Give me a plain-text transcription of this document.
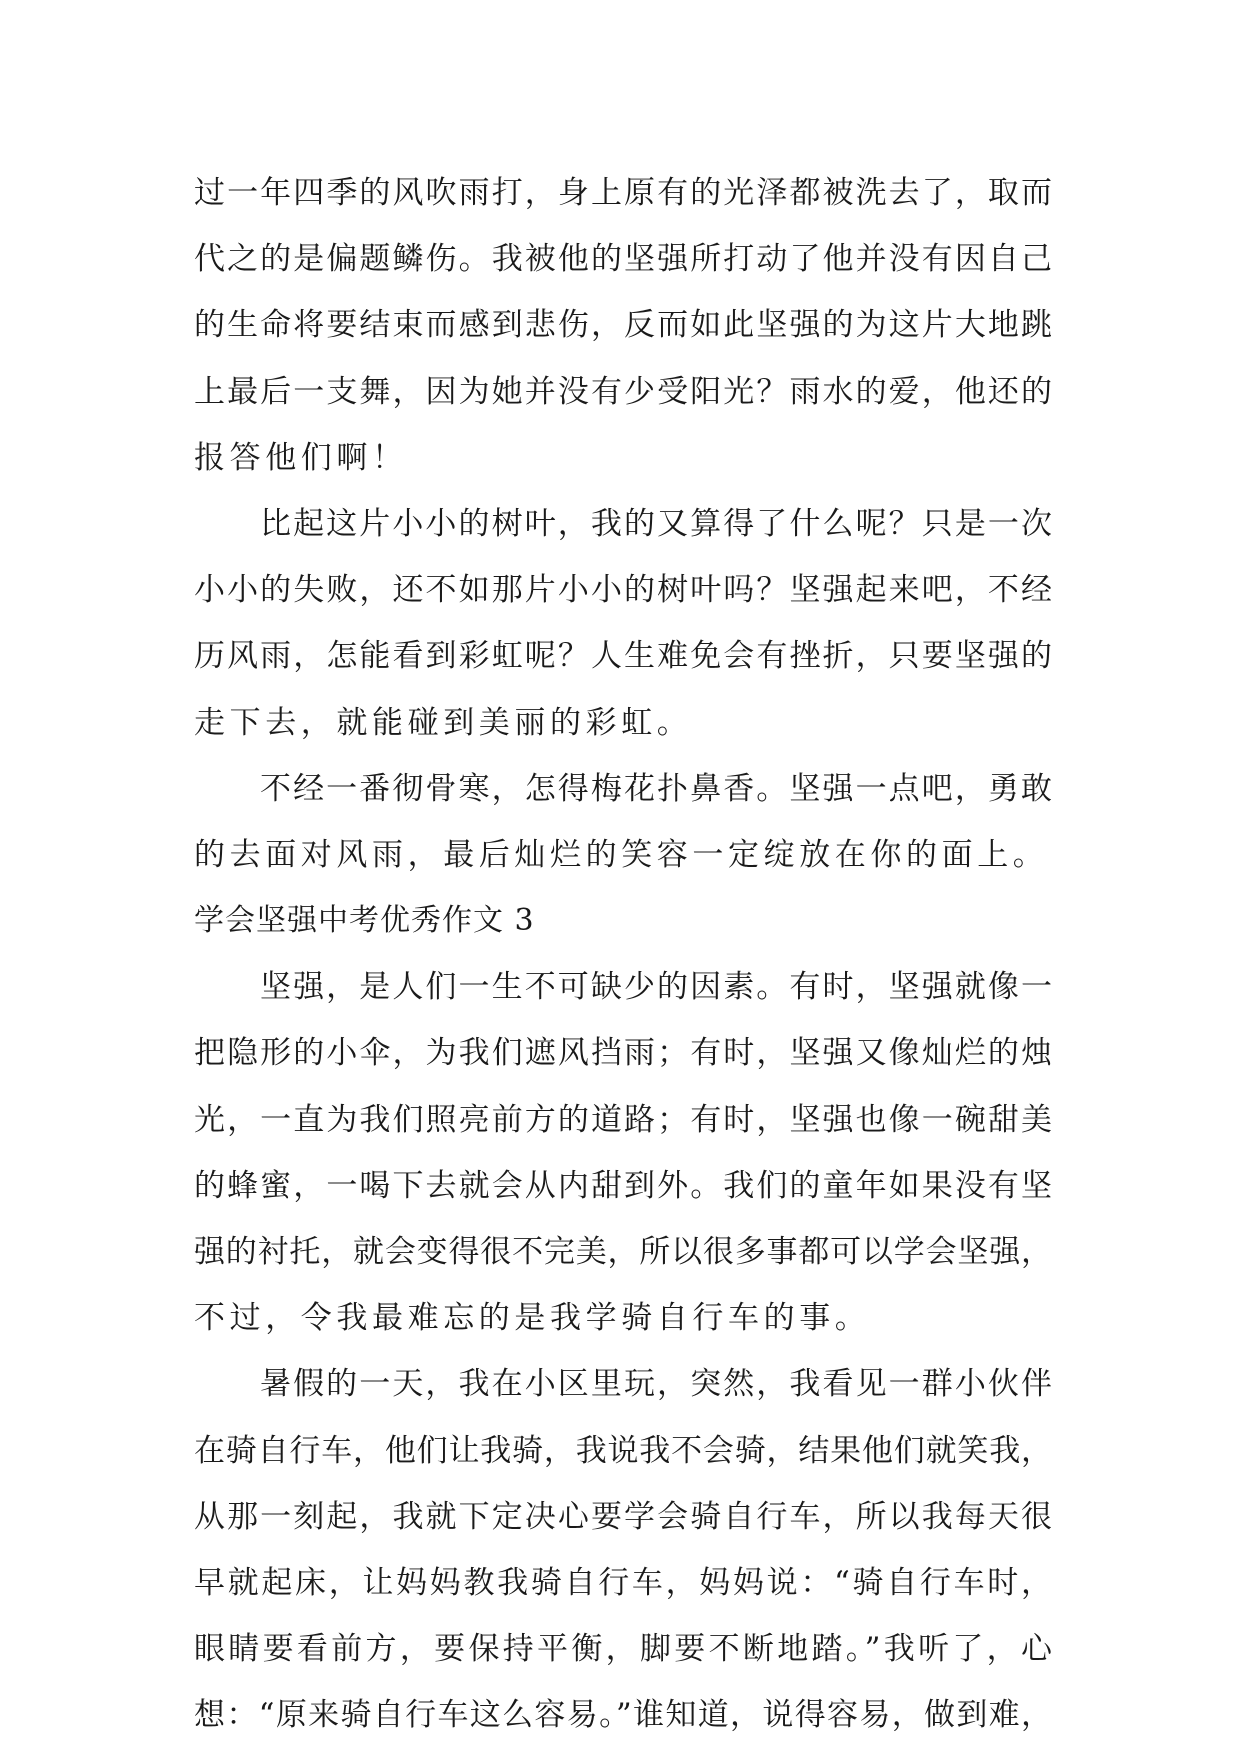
过一年四季的风吹雨打，身上原有的光泽都被洗去了，取而
代之的是偏题鳞伤。我被他的坚强所打动了他并没有因自己
的生命将要结束而感到悲伤，反而如此坚强的为这片大地跳
上最后一支舞，因为她并没有少受阳光？雨水的爱，他还的
报答他们啊！
比起这片小小的树叶，我的又算得了什么呢？只是一次
小小的失败，还不如那片小小的树叶吗？坚强起来吧，不经
历风雨，怎能看到彩虹呢？人生难免会有挫折，只要坚强的
走下去，就能碰到美丽的彩虹。
不经一番彻骨寒，怎得梅花扑鼻香。坚强一点吧，勇敢
的去面对风雨，最后灿烂的笑容一定绽放在你的面上。
学会坚强中考优秀作文 3
坚强，是人们一生不可缺少的因素。有时，坚强就像一
把隐形的小伞，为我们遮风挡雨；有时，坚强又像灿烂的烛
光，一直为我们照亮前方的道路；有时，坚强也像一碗甜美
的蜂蜜，一喝下去就会从内甜到外。我们的童年如果没有坚
强的衬托，就会变得很不完美，所以很多事都可以学会坚强，
不过，令我最难忘的是我学骑自行车的事。
暑假的一天，我在小区里玩，突然，我看见一群小伙伴
在骑自行车，他们让我骑，我说我不会骑，结果他们就笑我，
从那一刻起，我就下定决心要学会骑自行车，所以我每天很
早就起床，让妈妈教我骑自行车，妈妈说：“骑自行车时，
眼睛要看前方，要保持平衡，脚要不断地踏。”我听了，心
想：“原来骑自行车这么容易。”谁知道，说得容易，做到难，
